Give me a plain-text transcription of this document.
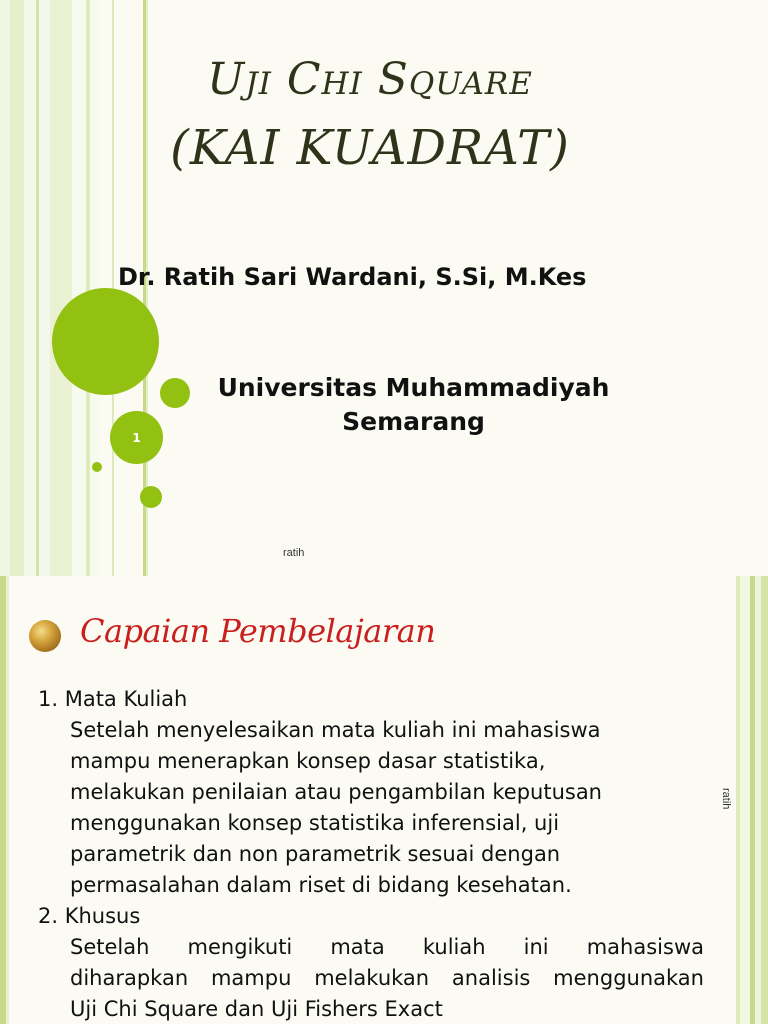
Uji Chi Square
(KAI KUADRAT)
Dr. Ratih Sari Wardani, S.Si, M.Kes
1
Universitas Muhammadiyah
Semarang
ratih
Capaian Pembelajaran
1. Mata Kuliah
Setelah menyelesaikan mata kuliah ini mahasiswa
mampu menerapkan konsep dasar statistika,
melakukan penilaian atau pengambilan keputusan
menggunakan konsep statistika inferensial, uji
parametrik dan non parametrik sesuai dengan
permasalahan dalam riset di bidang kesehatan.
2. Khusus
Setelah mengikuti mata kuliah ini mahasiswa
diharapkan mampu melakukan analisis menggunakan
Uji Chi Square dan Uji Fishers Exact
ratih
